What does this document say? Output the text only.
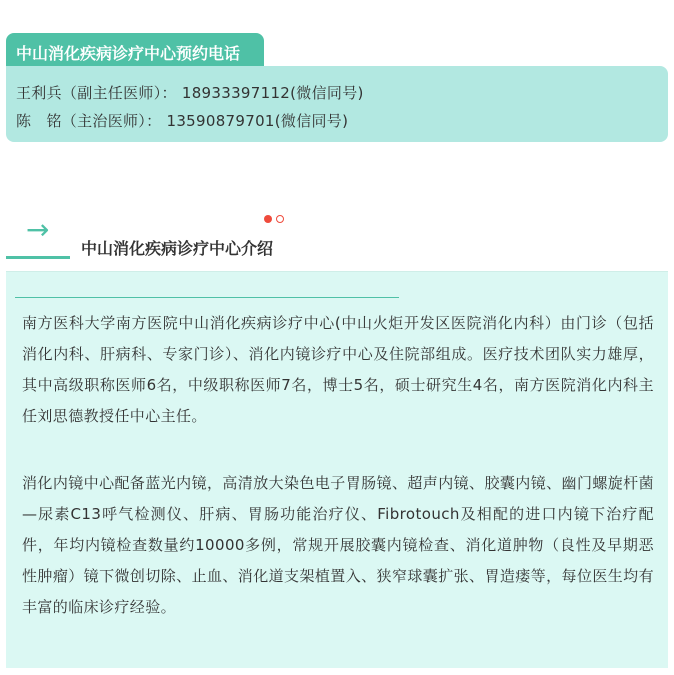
中山消化疾病诊疗中心预约电话
王利兵（副主任医师）： 18933397112(微信同号)
陈   铭（主治医师）： 13590879701(微信同号)
→
中山消化疾病诊疗中心介绍
南方医科大学南方医院中山消化疾病诊疗中心(中山火炬开发区医院消化内科）由门诊（包括消化内科、肝病科、专家门诊）、消化内镜诊疗中心及住院部组成。医疗技术团队实力雄厚，其中高级职称医师6名，中级职称医师7名，博士5名，硕士研究生4名，南方医院消化内科主任刘思德教授任中心主任。
消化内镜中心配备蓝光内镜，高清放大染色电子胃肠镜、超声内镜、胶囊内镜、幽门螺旋杆菌—尿素C13呼气检测仪、肝病、胃肠功能治疗仪、Fibrotouch及相配的进口内镜下治疗配件，年均内镜检查数量约10000多例，常规开展胶囊内镜检查、消化道肿物（良性及早期恶性肿瘤）镜下微创切除、止血、消化道支架植置入、狭窄球囊扩张、胃造瘘等，每位医生均有丰富的临床诊疗经验。
